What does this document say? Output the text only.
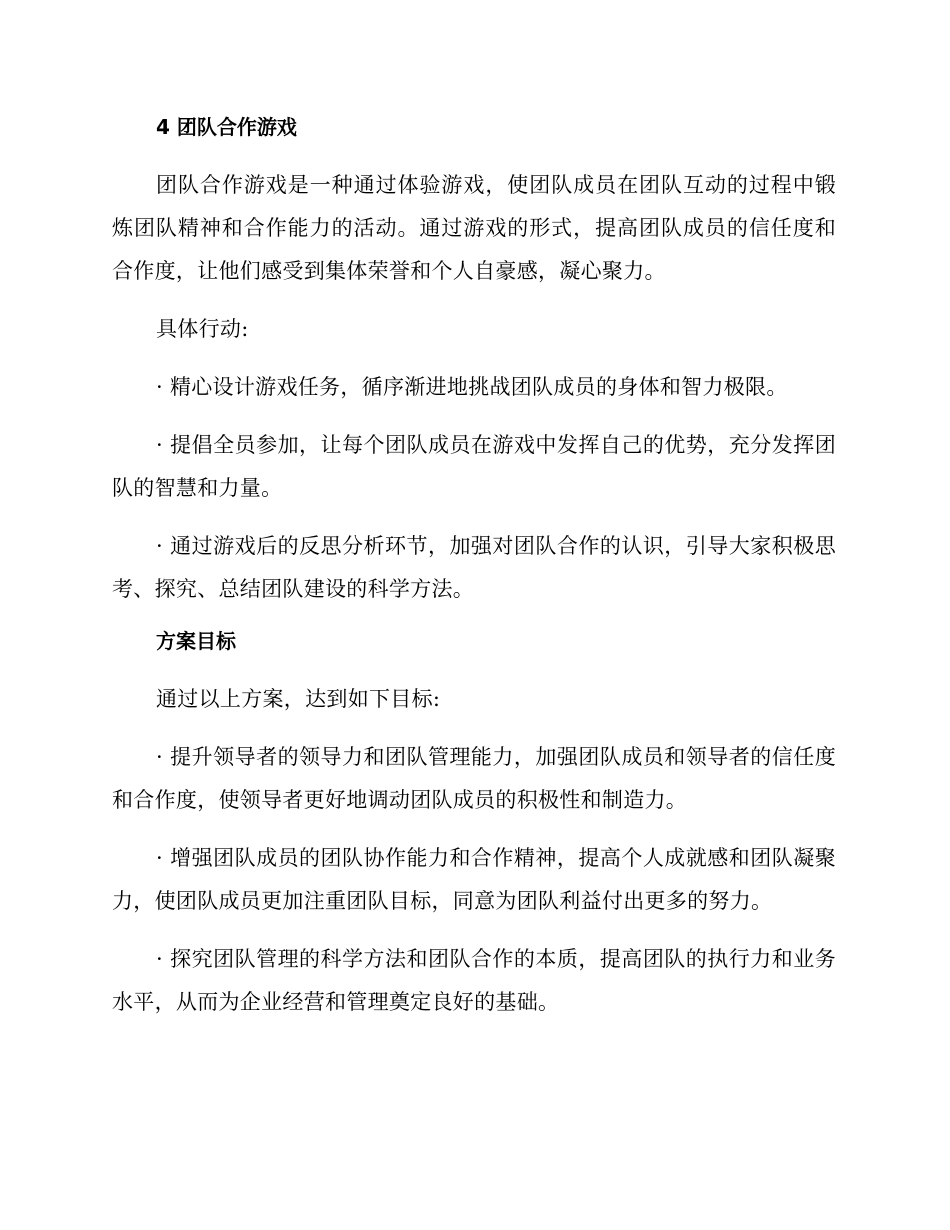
4 团队合作游戏

团队合作游戏是一种通过体验游戏，使团队成员在团队互动的过程中锻炼团队精神和合作能力的活动。通过游戏的形式，提高团队成员的信任度和合作度，让他们感受到集体荣誉和个人自豪感，凝心聚力。

具体行动:

· 精心设计游戏任务，循序渐进地挑战团队成员的身体和智力极限。

· 提倡全员参加，让每个团队成员在游戏中发挥自己的优势，充分发挥团队的智慧和力量。

· 通过游戏后的反思分析环节，加强对团队合作的认识，引导大家积极思考、探究、总结团队建设的科学方法。

方案目标

通过以上方案，达到如下目标:

· 提升领导者的领导力和团队管理能力，加强团队成员和领导者的信任度和合作度，使领导者更好地调动团队成员的积极性和制造力。

· 增强团队成员的团队协作能力和合作精神，提高个人成就感和团队凝聚力，使团队成员更加注重团队目标，同意为团队利益付出更多的努力。

· 探究团队管理的科学方法和团队合作的本质，提高团队的执行力和业务水平，从而为企业经营和管理奠定良好的基础。
